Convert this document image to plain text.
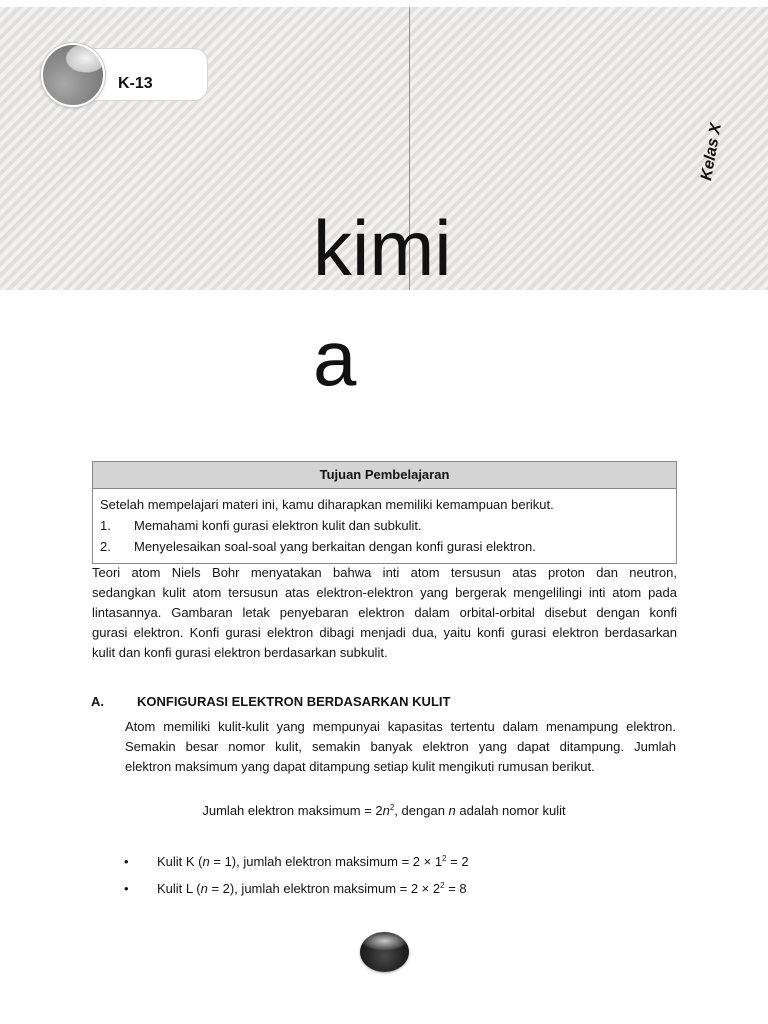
K-13
Kelas X
kimi
a
Tujuan Pembelajaran
Setelah mempelajari materi ini, kamu diharapkan memiliki kemampuan berikut.
1.	Memahami konfi gurasi elektron kulit dan subkulit.
2.	Menyelesaikan soal-soal yang berkaitan dengan konfi gurasi elektron.
Teori atom Niels Bohr menyatakan bahwa inti atom tersusun atas proton dan neutron,
sedangkan kulit atom tersusun atas elektron-elektron yang bergerak mengelilingi inti atom pada
lintasannya. Gambaran letak penyebaran elektron dalam orbital-orbital disebut dengan konfi
gurasi elektron. Konfi gurasi elektron dibagi menjadi dua, yaitu konfi gurasi elektron berdasarkan
kulit dan konfi gurasi elektron berdasarkan subkulit.
A.	KONFIGURASI ELEKTRON BERDASARKAN KULIT
Atom memiliki kulit-kulit yang mempunyai kapasitas tertentu dalam menampung elektron.
Semakin besar nomor kulit, semakin banyak elektron yang dapat ditampung. Jumlah
elektron maksimum yang dapat ditampung setiap kulit mengikuti rumusan berikut.
Jumlah elektron maksimum = $2n^2$, dengan n adalah nomor kulit
•	Kulit K (n = 1), jumlah elektron maksimum = $2 \times 1^2 = 2$
•	Kulit L (n = 2), jumlah elektron maksimum = $2 \times 2^2 = 8$
